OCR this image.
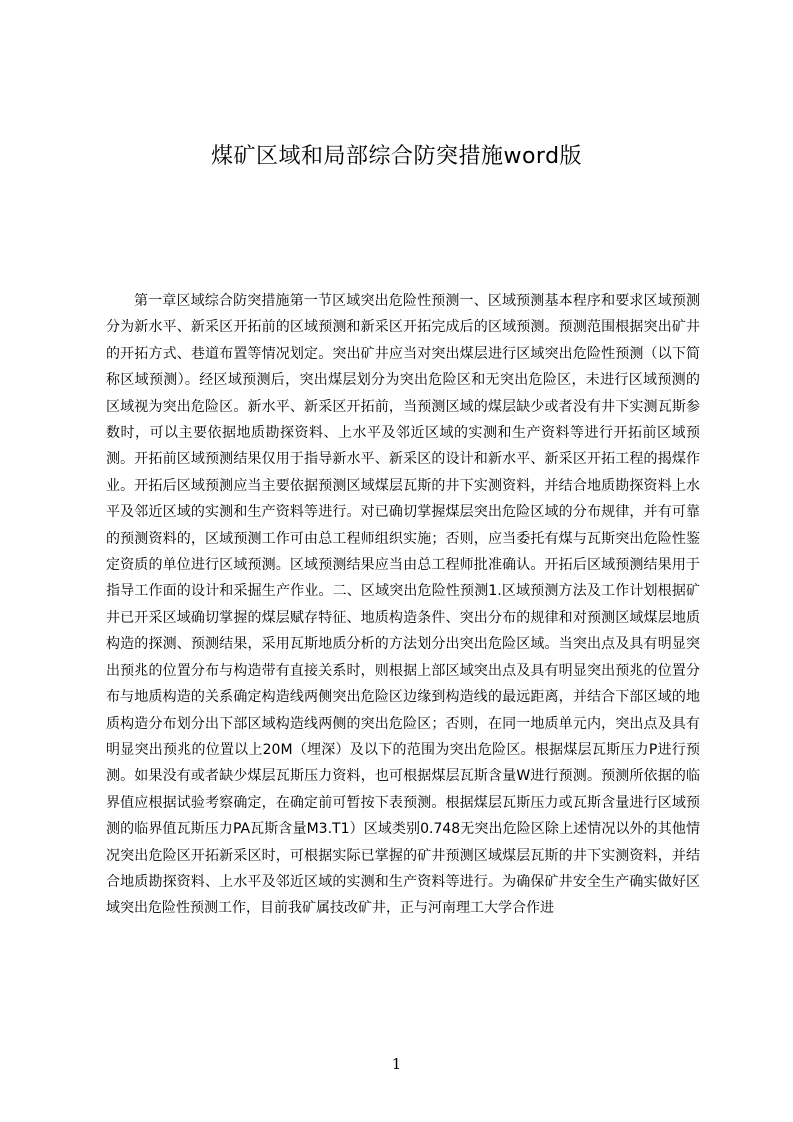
煤矿区域和局部综合防突措施word版

第一章区域综合防突措施第一节区域突出危险性预测一、区域预测基本程序和要求区域预测分为新水平、新采区开拓前的区域预测和新采区开拓完成后的区域预测。预测范围根据突出矿井的开拓方式、巷道布置等情况划定。突出矿井应当对突出煤层进行区域突出危险性预测（以下简称区域预测）。经区域预测后，突出煤层划分为突出危险区和无突出危险区，未进行区域预测的区域视为突出危险区。新水平、新采区开拓前，当预测区域的煤层缺少或者没有井下实测瓦斯参数时，可以主要依据地质勘探资料、上水平及邻近区域的实测和生产资料等进行开拓前区域预测。开拓前区域预测结果仅用于指导新水平、新采区的设计和新水平、新采区开拓工程的揭煤作业。开拓后区域预测应当主要依据预测区域煤层瓦斯的井下实测资料，并结合地质勘探资料上水平及邻近区域的实测和生产资料等进行。对已确切掌握煤层突出危险区域的分布规律，并有可靠的预测资料的，区域预测工作可由总工程师组织实施；否则，应当委托有煤与瓦斯突出危险性鉴定资质的单位进行区域预测。区域预测结果应当由总工程师批准确认。开拓后区域预测结果用于指导工作面的设计和采掘生产作业。二、区域突出危险性预测1.区域预测方法及工作计划根据矿井已开采区域确切掌握的煤层赋存特征、地质构造条件、突出分布的规律和对预测区域煤层地质构造的探测、预测结果，采用瓦斯地质分析的方法划分出突出危险区域。当突出点及具有明显突出预兆的位置分布与构造带有直接关系时，则根据上部区域突出点及具有明显突出预兆的位置分布与地质构造的关系确定构造线两侧突出危险区边缘到构造线的最远距离，并结合下部区域的地质构造分布划分出下部区域构造线两侧的突出危险区；否则，在同一地质单元内，突出点及具有明显突出预兆的位置以上20M（埋深）及以下的范围为突出危险区。根据煤层瓦斯压力P进行预测。如果没有或者缺少煤层瓦斯压力资料，也可根据煤层瓦斯含量W进行预测。预测所依据的临界值应根据试验考察确定，在确定前可暂按下表预测。根据煤层瓦斯压力或瓦斯含量进行区域预测的临界值瓦斯压力PA瓦斯含量M3.T1）区域类别0.748无突出危险区除上述情况以外的其他情况突出危险区开拓新采区时，可根据实际已掌握的矿井预测区域煤层瓦斯的井下实测资料，并结合地质勘探资料、上水平及邻近区域的实测和生产资料等进行。为确保矿井安全生产确实做好区域突出危险性预测工作，目前我矿属技改矿井，正与河南理工大学合作进

1
